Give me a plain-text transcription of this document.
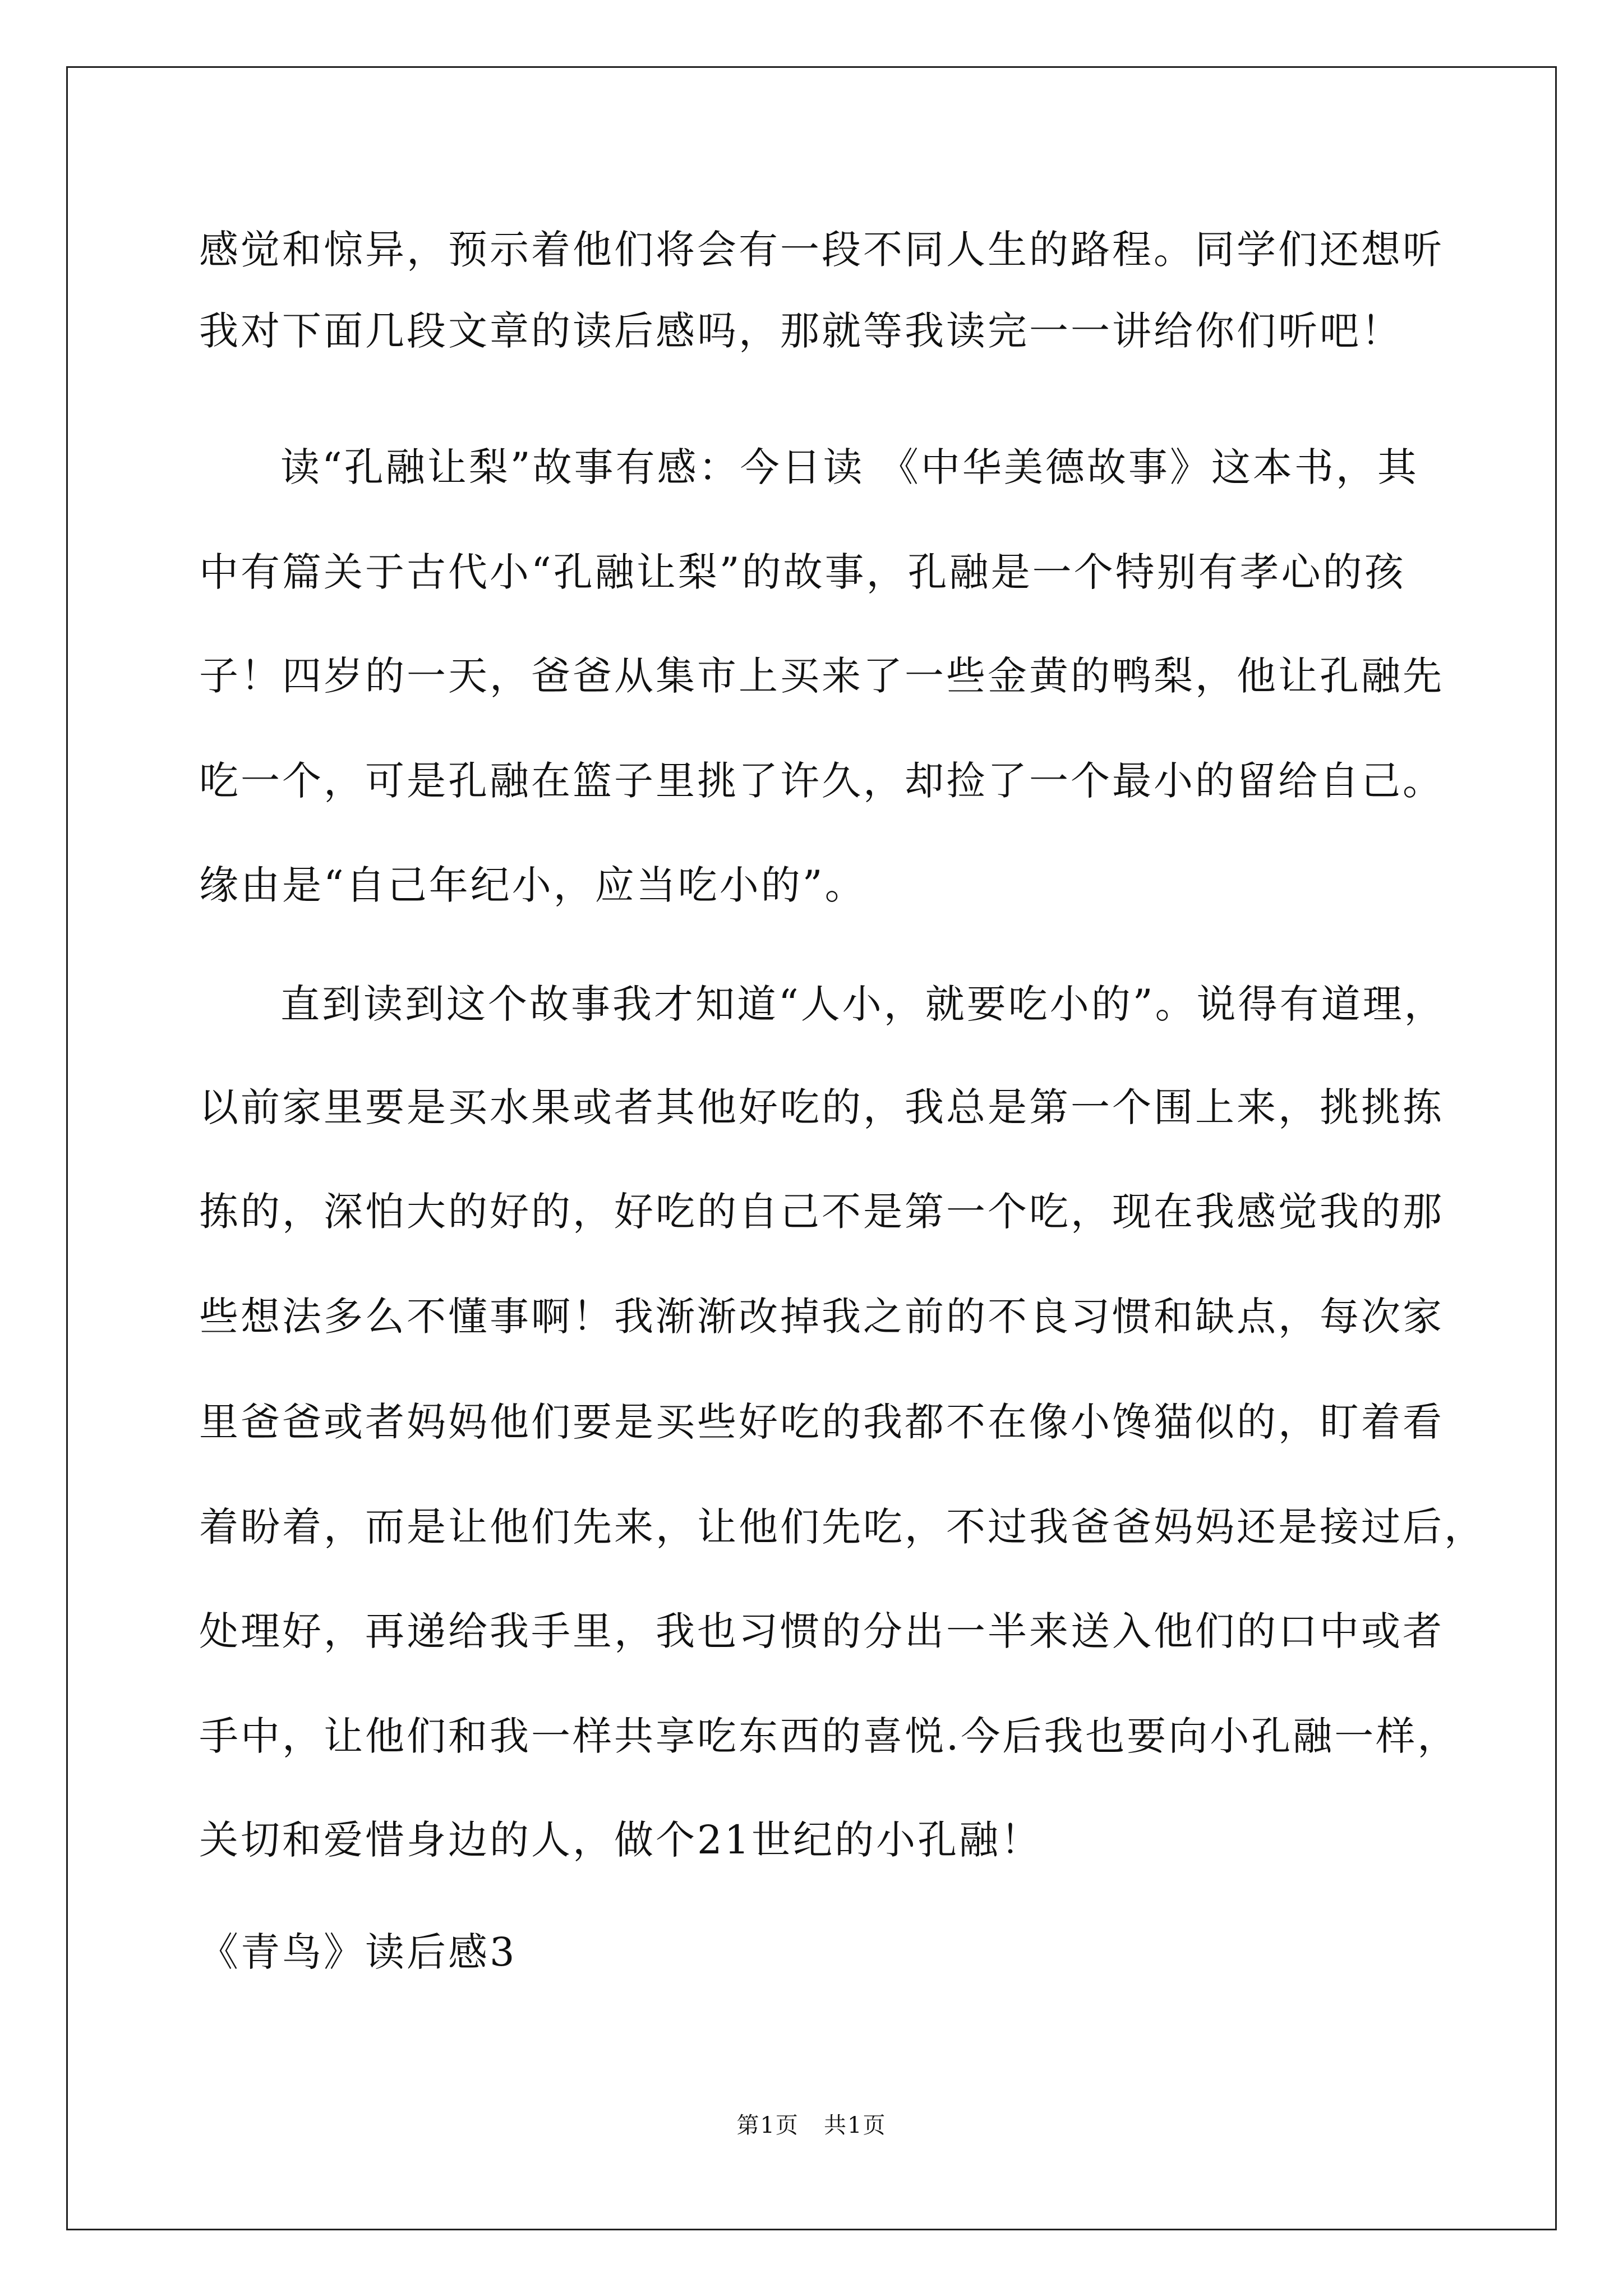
感觉和惊异，预示着他们将会有一段不同人生的路程。同学们还想听
我对下面几段文章的读后感吗，那就等我读完一一讲给你们听吧！
读“孔融让梨”故事有感：今日读 《中华美德故事》这本书，其
中有篇关于古代小“孔融让梨”的故事，孔融是一个特别有孝心的孩
子！四岁的一天，爸爸从集市上买来了一些金黄的鸭梨，他让孔融先
吃一个，可是孔融在篮子里挑了许久，却捡了一个最小的留给自己。
缘由是“自己年纪小，应当吃小的”。
直到读到这个故事我才知道“人小，就要吃小的”。说得有道理，
以前家里要是买水果或者其他好吃的，我总是第一个围上来，挑挑拣
拣的，深怕大的好的，好吃的自己不是第一个吃，现在我感觉我的那
些想法多么不懂事啊！我渐渐改掉我之前的不良习惯和缺点，每次家
里爸爸或者妈妈他们要是买些好吃的我都不在像小馋猫似的，盯着看
着盼着，而是让他们先来，让他们先吃，不过我爸爸妈妈还是接过后，
处理好，再递给我手里，我也习惯的分出一半来送入他们的口中或者
手中，让他们和我一样共享吃东西的喜悦.今后我也要向小孔融一样，
关切和爱惜身边的人，做个21世纪的小孔融！
《青鸟》读后感3
第1页   共1页
